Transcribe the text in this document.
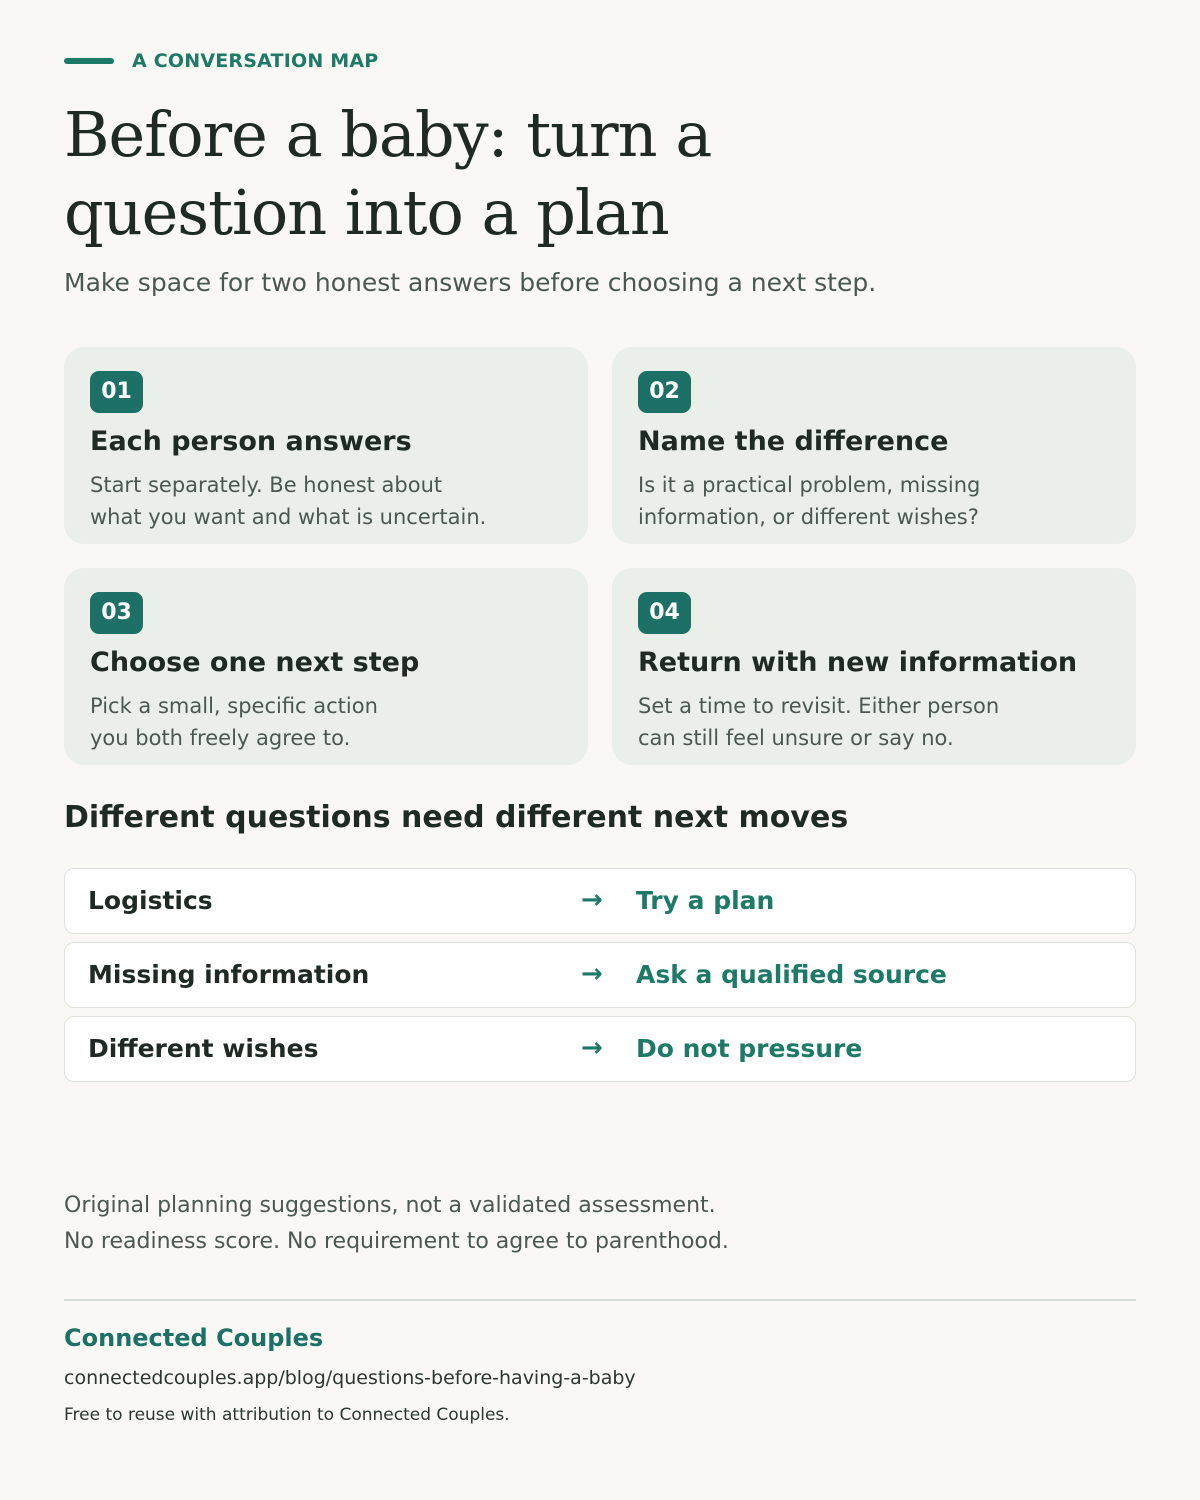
A CONVERSATION MAP
Before a baby: turn a
question into a plan

Make space for two honest answers before choosing a next step.

01
Each person answers
Start separately. Be honest about
what you want and what is uncertain.
02
Name the difference
Is it a practical problem, missing
information, or different wishes?
03
Choose one next step
Pick a small, specific action
you both freely agree to.
04
Return with new information
Set a time to revisit. Either person
can still feel unsure or say no.
Different questions need different next moves
Logistics	→ Try a plan
Missing information	→ Ask a qualified source
Different wishes	→ Do not pressure

Original planning suggestions, not a validated assessment.
No readiness score. No requirement to agree to parenthood.

Connected Couples
connectedcouples.app/blog/questions-before-having-a-baby
Free to reuse with attribution to Connected Couples.
